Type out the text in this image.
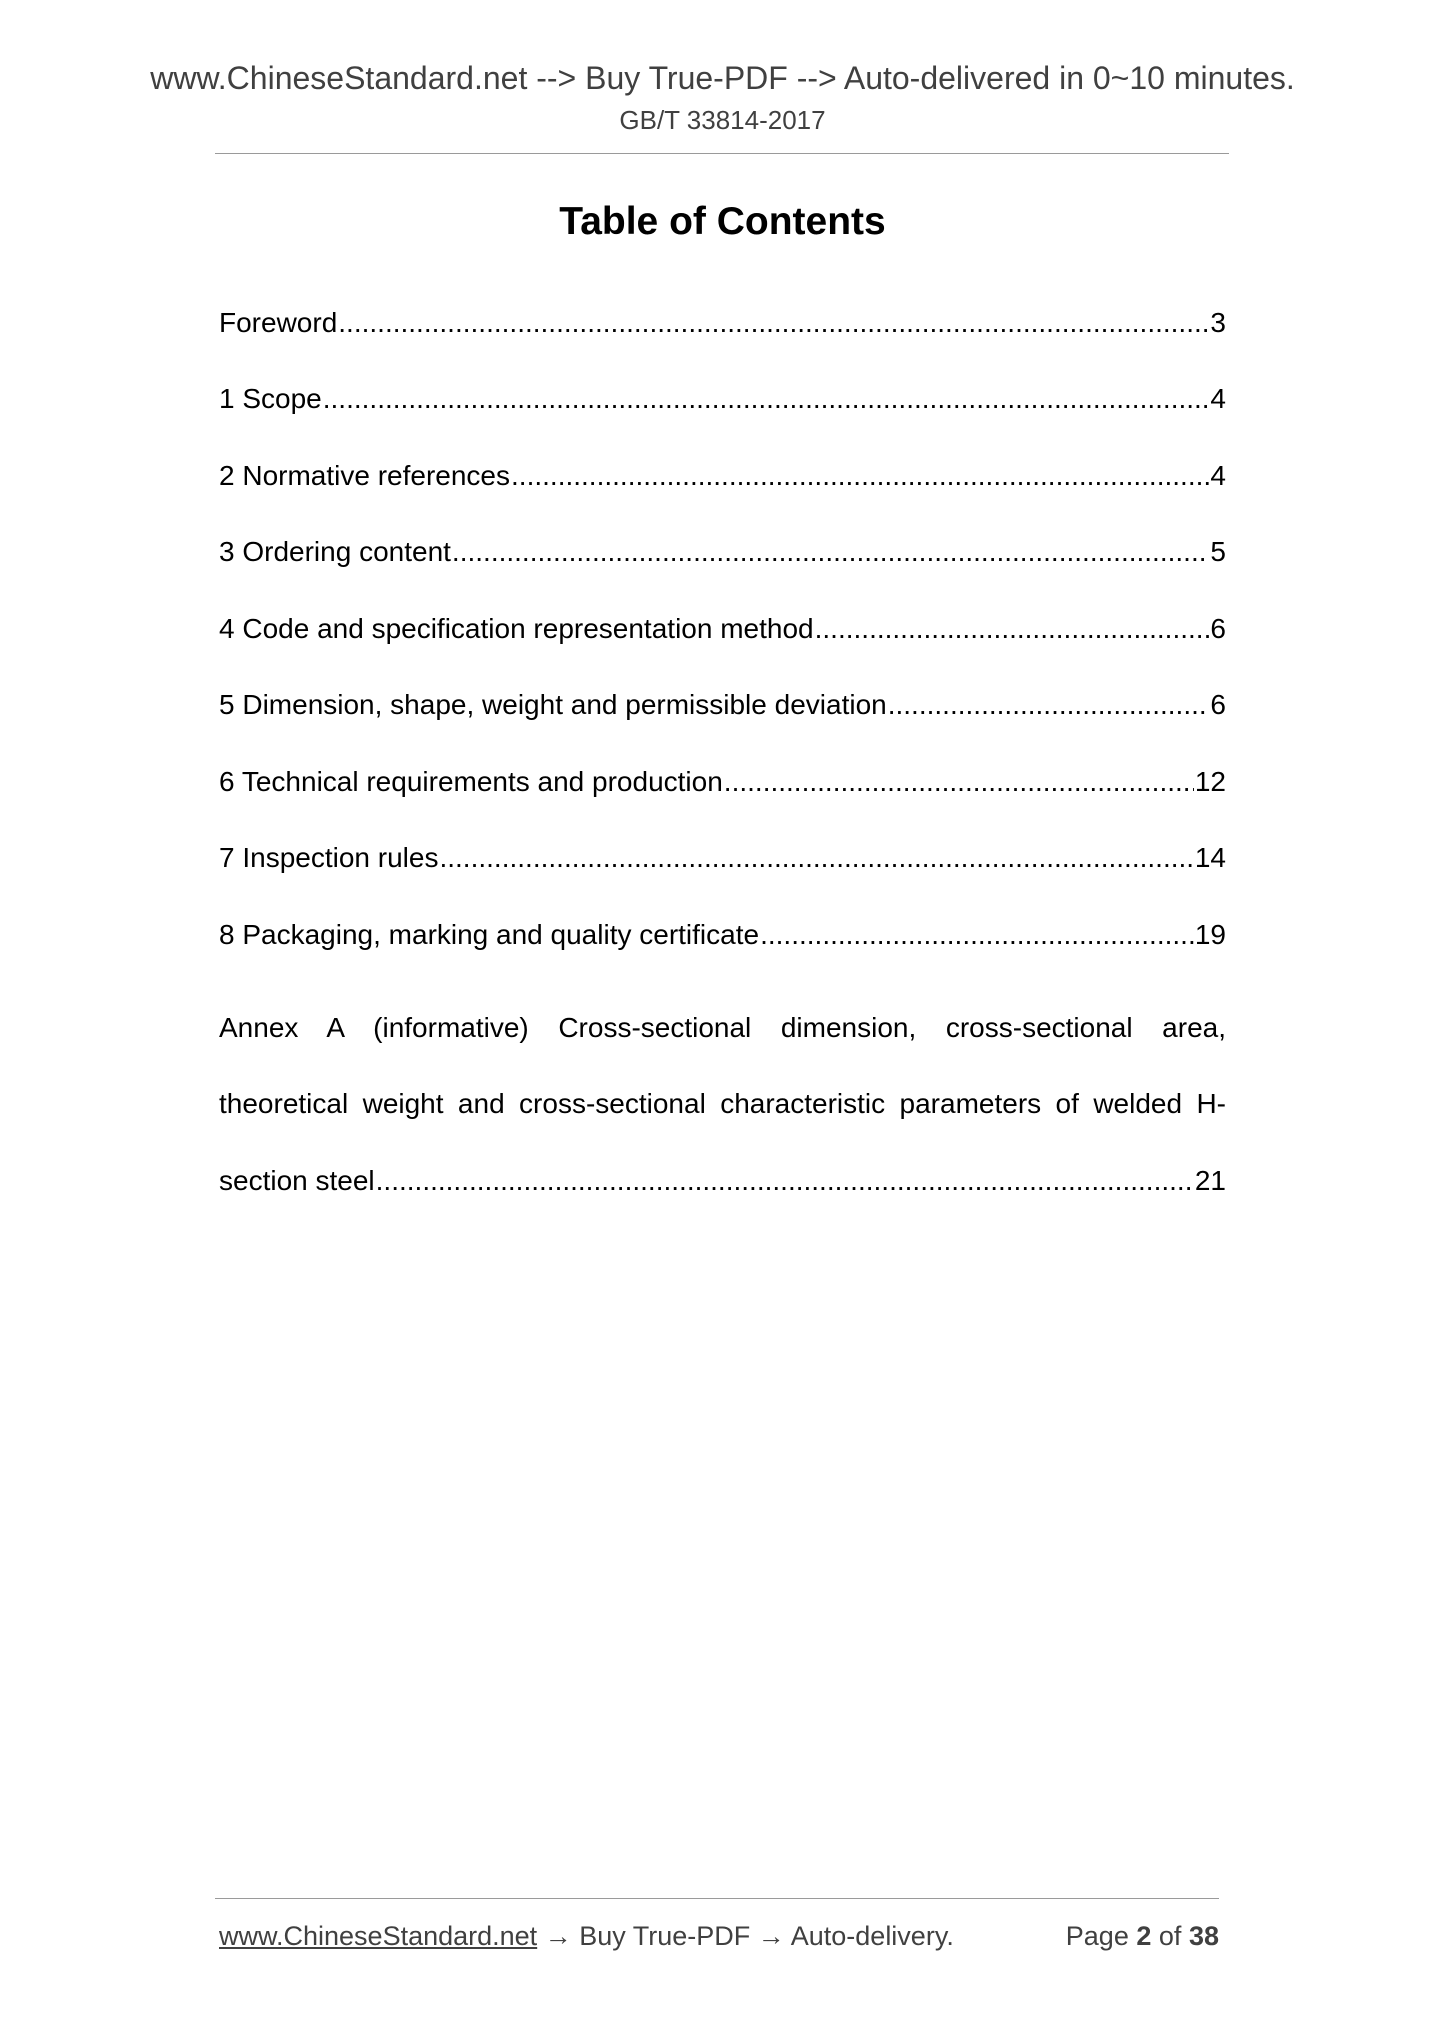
www.ChineseStandard.net --> Buy True-PDF --> Auto-delivered in 0~10 minutes.
GB/T 33814-2017
Table of Contents
Foreword .....	3
1 Scope .....	4
2 Normative references .....	4
3 Ordering content .....	5
4 Code and specification representation method .....	6
5 Dimension, shape, weight and permissible deviation .....	6
6 Technical requirements and production .....	12
7 Inspection rules .....	14
8 Packaging, marking and quality certificate .....	19
Annex A (informative) Cross-sectional dimension, cross-sectional area,
theoretical weight and cross-sectional characteristic parameters of welded H-
section steel .....	21
www.ChineseStandard.net → Buy True-PDF → Auto-delivery.	Page 2 of 38
